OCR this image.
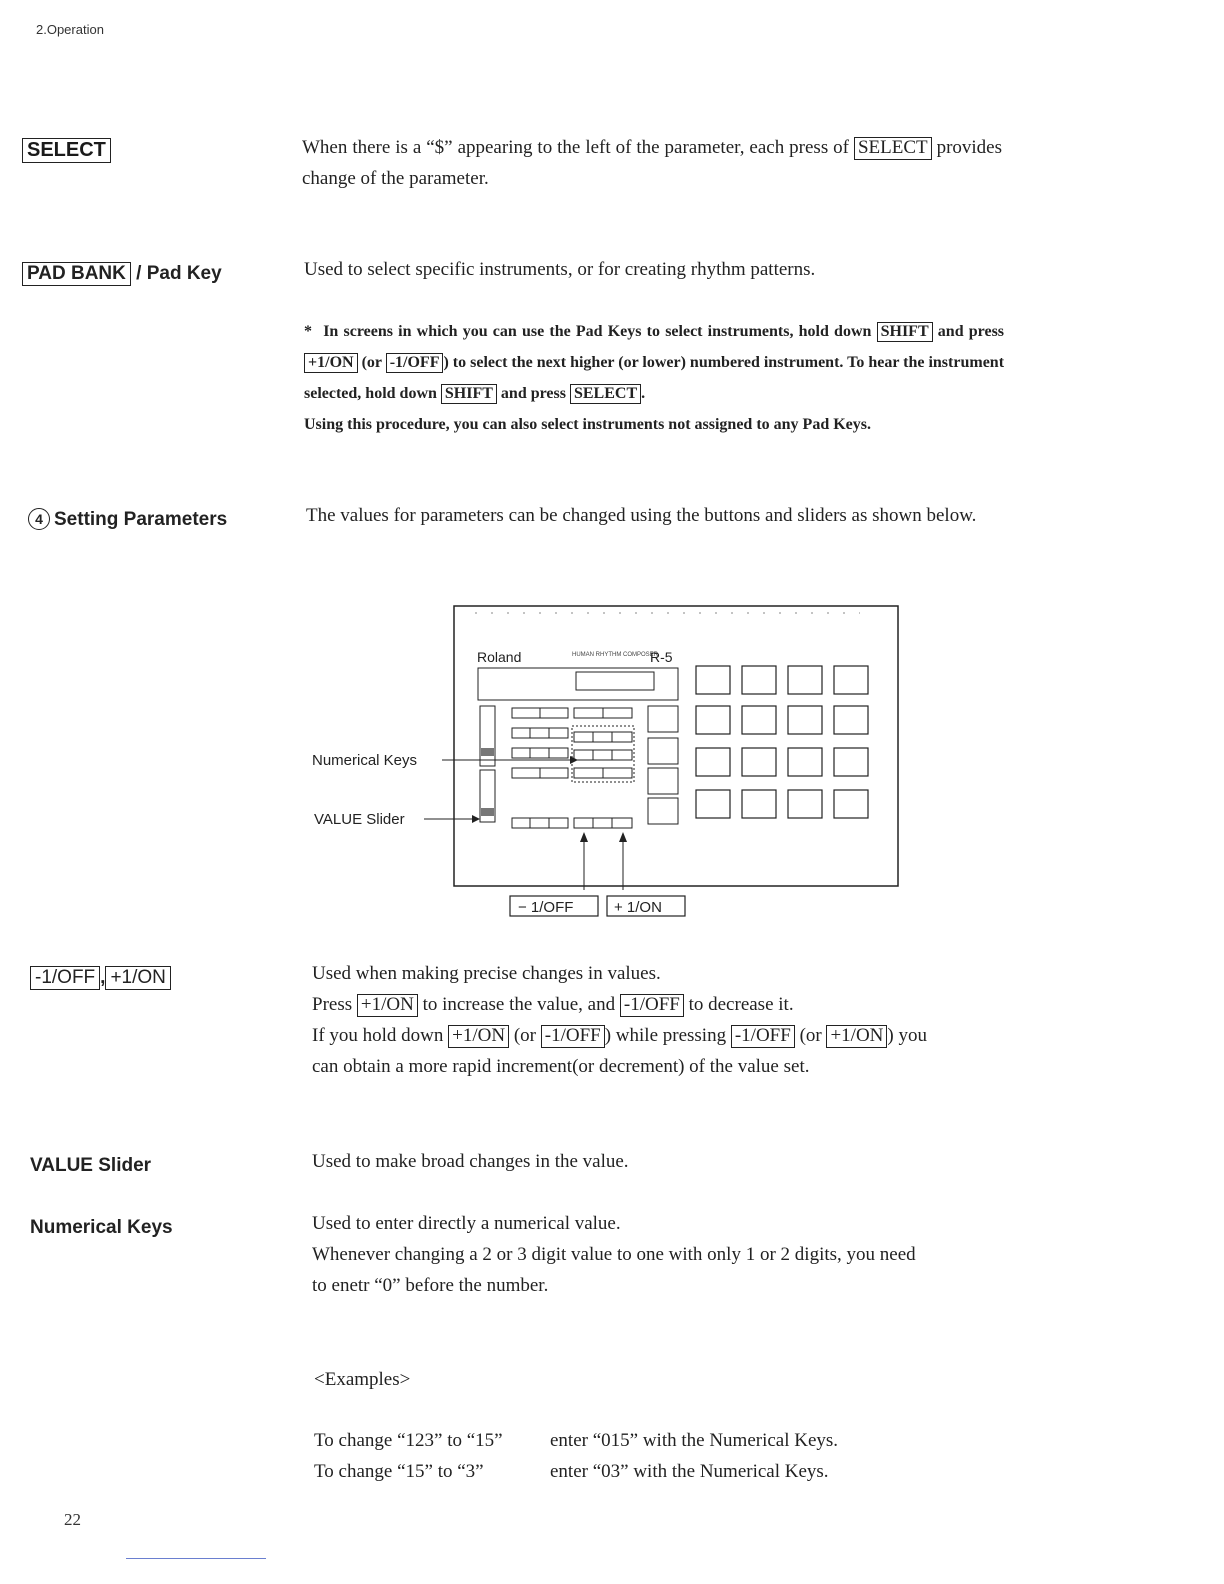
2.Operation
SELECT	When there is a “$” appearing to the left of the parameter, each press of SELECT provides change of the parameter.
PAD BANK / Pad Key	Used to select specific instruments, or for creating rhythm patterns.
* In screens in which you can use the Pad Keys to select instruments, hold down SHIFT and press +1/ON (or -1/OFF ) to select the next higher (or lower) numbered instrument. To hear the instrument selected, hold down SHIFT and press SELECT .
Using this procedure, you can also select instruments not assigned to any Pad Keys.
4 Setting Parameters	The values for parameters can be changed using the buttons and sliders as shown below.
Roland	HUMAN RHYTHM COMPOSER
R-5
Numerical Keys
VALUE Slider
− 1/OFF	+ 1/ON
-1/OFF , +1/ON	Used when making precise changes in values.
Press +1/ON to increase the value, and -1/OFF to decrease it.
If you hold down +1/ON (or -1/OFF ) while pressing -1/OFF (or +1/ON ) you
can obtain a more rapid increment(or decrement) of the value set.
VALUE Slider	Used to make broad changes in the value.
Numerical Keys	Used to enter directly a numerical value.
Whenever changing a 2 or 3 digit value to one with only 1 or 2 digits, you need
to enetr “0” before the number.
<Examples>
To change “123” to “15” enter “015” with the Numerical Keys.
To change “15” to “3”	enter “03” with the Numerical Keys.
22
